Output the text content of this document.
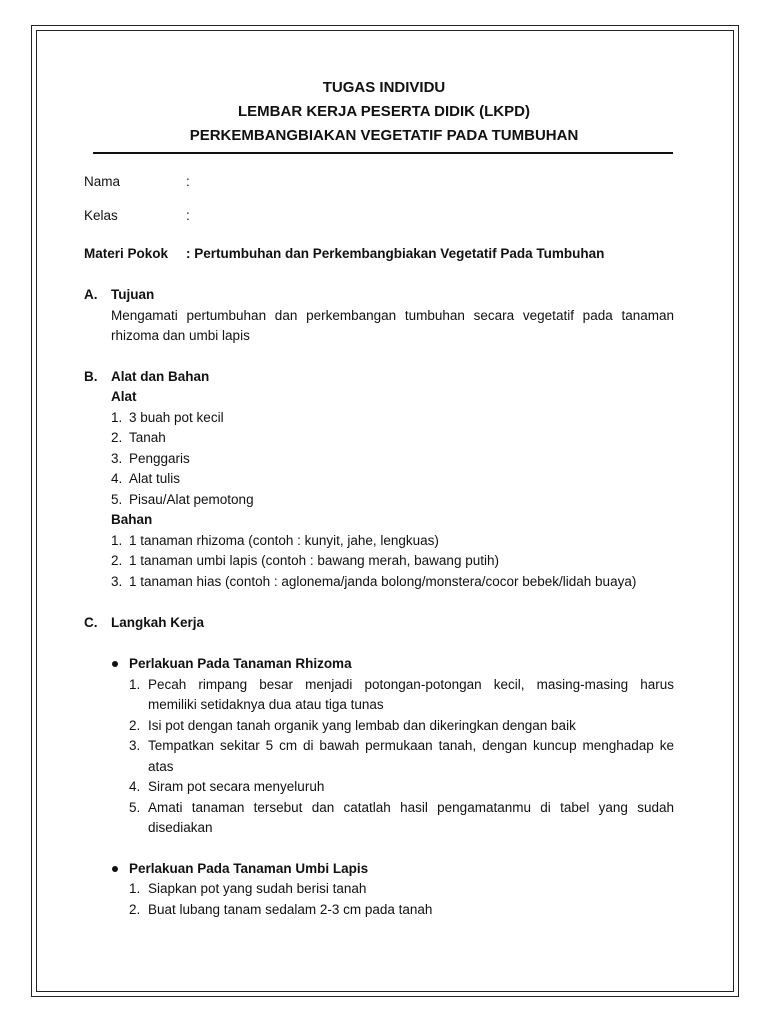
TUGAS INDIVIDU
LEMBAR KERJA PESERTA DIDIK (LKPD)
PERKEMBANGBIAKAN VEGETATIF PADA TUMBUHAN
Nama	:
Kelas	:
Materi Pokok : Pertumbuhan dan Perkembangbiakan Vegetatif Pada Tumbuhan
A. Tujuan
Mengamati pertumbuhan dan perkembangan tumbuhan secara vegetatif pada tanaman
rhizoma dan umbi lapis
B. Alat dan Bahan
Alat
1. 3 buah pot kecil
2. Tanah
3. Penggaris
4. Alat tulis
5. Pisau/Alat pemotong
Bahan
1. 1 tanaman rhizoma (contoh : kunyit, jahe, lengkuas)
2. 1 tanaman umbi lapis (contoh : bawang merah, bawang putih)
3. 1 tanaman hias (contoh : aglonema/janda bolong/monstera/cocor bebek/lidah buaya)
C. Langkah Kerja
Perlakuan Pada Tanaman Rhizoma
1. Pecah rimpang besar menjadi potongan-potongan kecil, masing-masing harus
memiliki setidaknya dua atau tiga tunas
2. Isi pot dengan tanah organik yang lembab dan dikeringkan dengan baik
3. Tempatkan sekitar 5 cm di bawah permukaan tanah, dengan kuncup menghadap ke
atas
4. Siram pot secara menyeluruh
5. Amati tanaman tersebut dan catatlah hasil pengamatanmu di tabel yang sudah
disediakan
Perlakuan Pada Tanaman Umbi Lapis
1. Siapkan pot yang sudah berisi tanah
2. Buat lubang tanam sedalam 2-3 cm pada tanah
